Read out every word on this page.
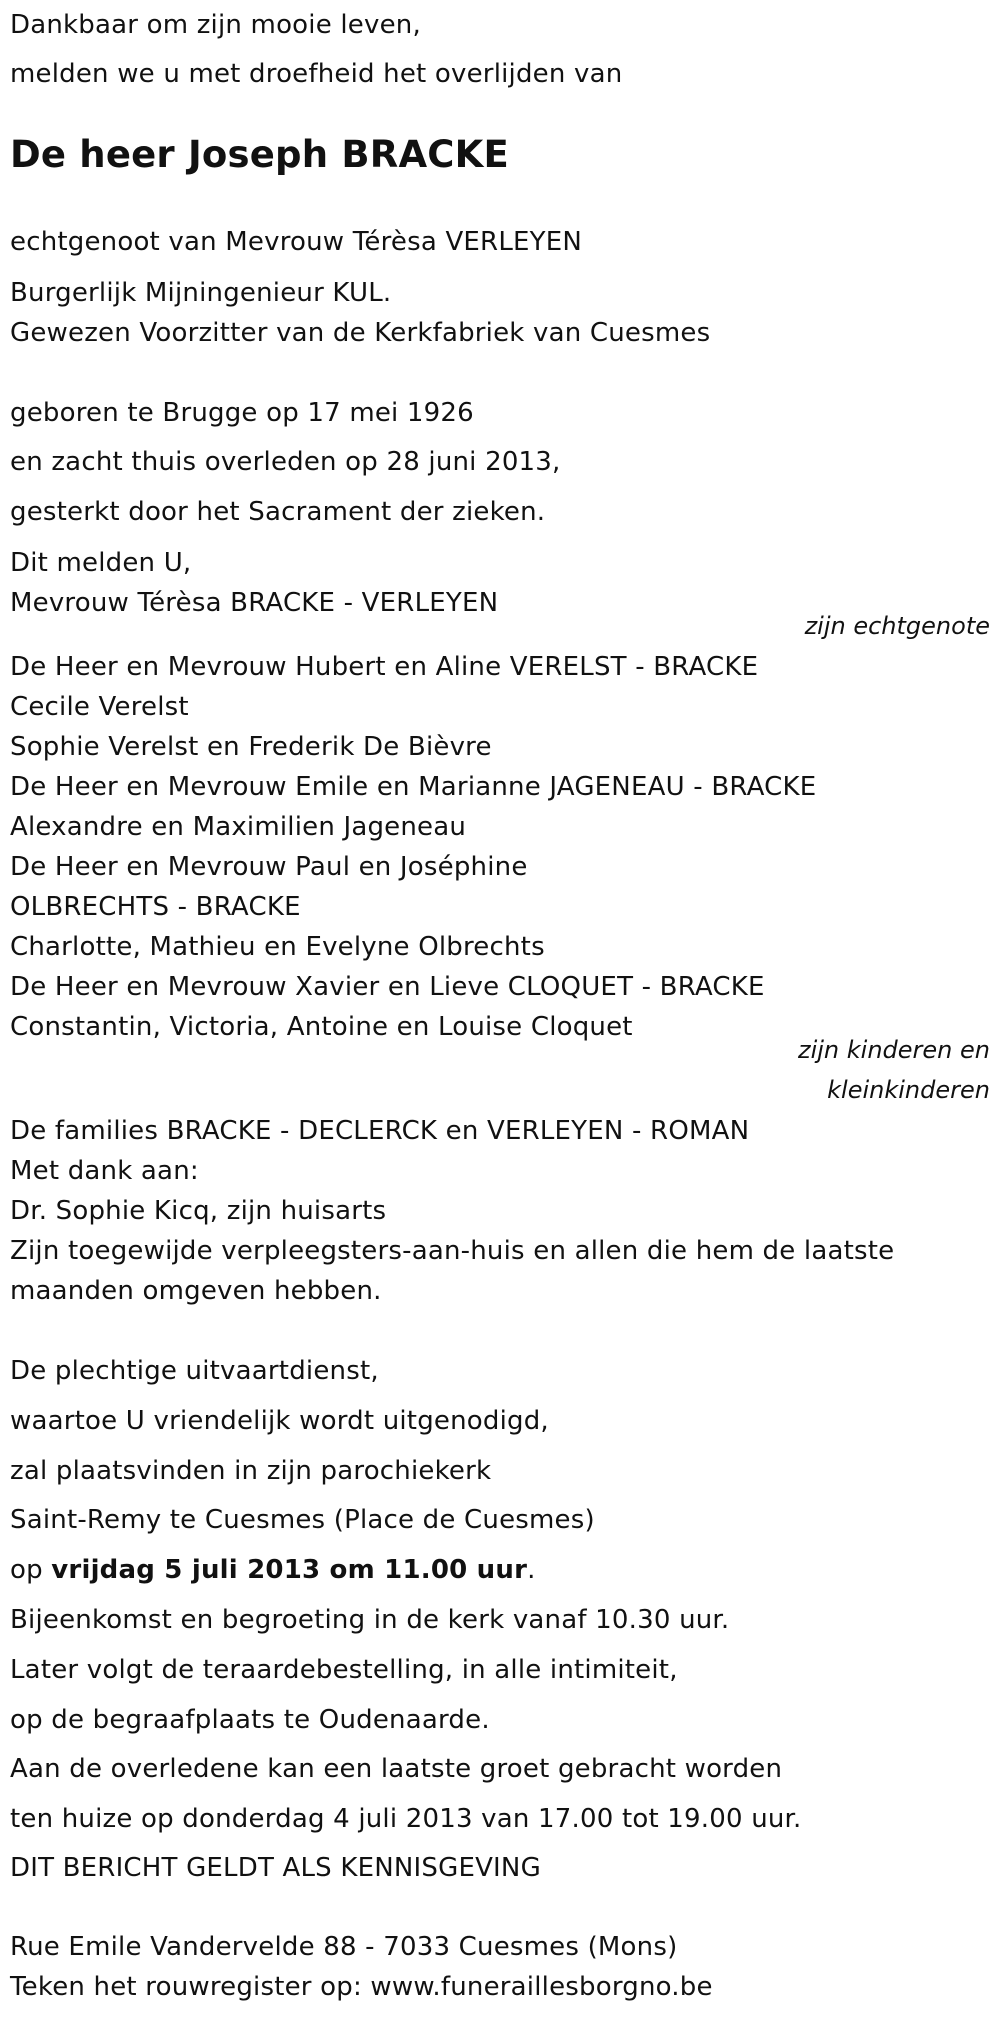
Dankbaar om zijn mooie leven,
melden we u met droefheid het overlijden van
De heer Joseph BRACKE
echtgenoot van Mevrouw Térèsa VERLEYEN
Burgerlijk Mijningenieur KUL.
Gewezen Voorzitter van de Kerkfabriek van Cuesmes
geboren te Brugge op 17 mei 1926
en zacht thuis overleden op 28 juni 2013,
gesterkt door het Sacrament der zieken.
Dit melden U,
Mevrouw Térèsa BRACKE - VERLEYEN
zijn echtgenote
De Heer en Mevrouw Hubert en Aline VERELST - BRACKE
Cecile Verelst
Sophie Verelst en Frederik De Bièvre
De Heer en Mevrouw Emile en Marianne JAGENEAU - BRACKE
Alexandre en Maximilien Jageneau
De Heer en Mevrouw Paul en Joséphine
OLBRECHTS - BRACKE
Charlotte, Mathieu en Evelyne Olbrechts
De Heer en Mevrouw Xavier en Lieve CLOQUET - BRACKE
Constantin, Victoria, Antoine en Louise Cloquet
zijn kinderen en
kleinkinderen
De families BRACKE - DECLERCK en VERLEYEN - ROMAN
Met dank aan:
Dr. Sophie Kicq, zijn huisarts
Zijn toegewijde verpleegsters-aan-huis en allen die hem de laatste maanden omgeven hebben.
De plechtige uitvaartdienst,
waartoe U vriendelijk wordt uitgenodigd,
zal plaatsvinden in zijn parochiekerk
Saint-Remy te Cuesmes (Place de Cuesmes)
op vrijdag 5 juli 2013 om 11.00 uur.
Bijeenkomst en begroeting in de kerk vanaf 10.30 uur.
Later volgt de teraardebestelling, in alle intimiteit,
op de begraafplaats te Oudenaarde.
Aan de overledene kan een laatste groet gebracht worden
ten huize op donderdag 4 juli 2013 van 17.00 tot 19.00 uur.
DIT BERICHT GELDT ALS KENNISGEVING
Rue Emile Vandervelde 88 - 7033 Cuesmes (Mons)
Teken het rouwregister op: www.funeraillesborgno.be
